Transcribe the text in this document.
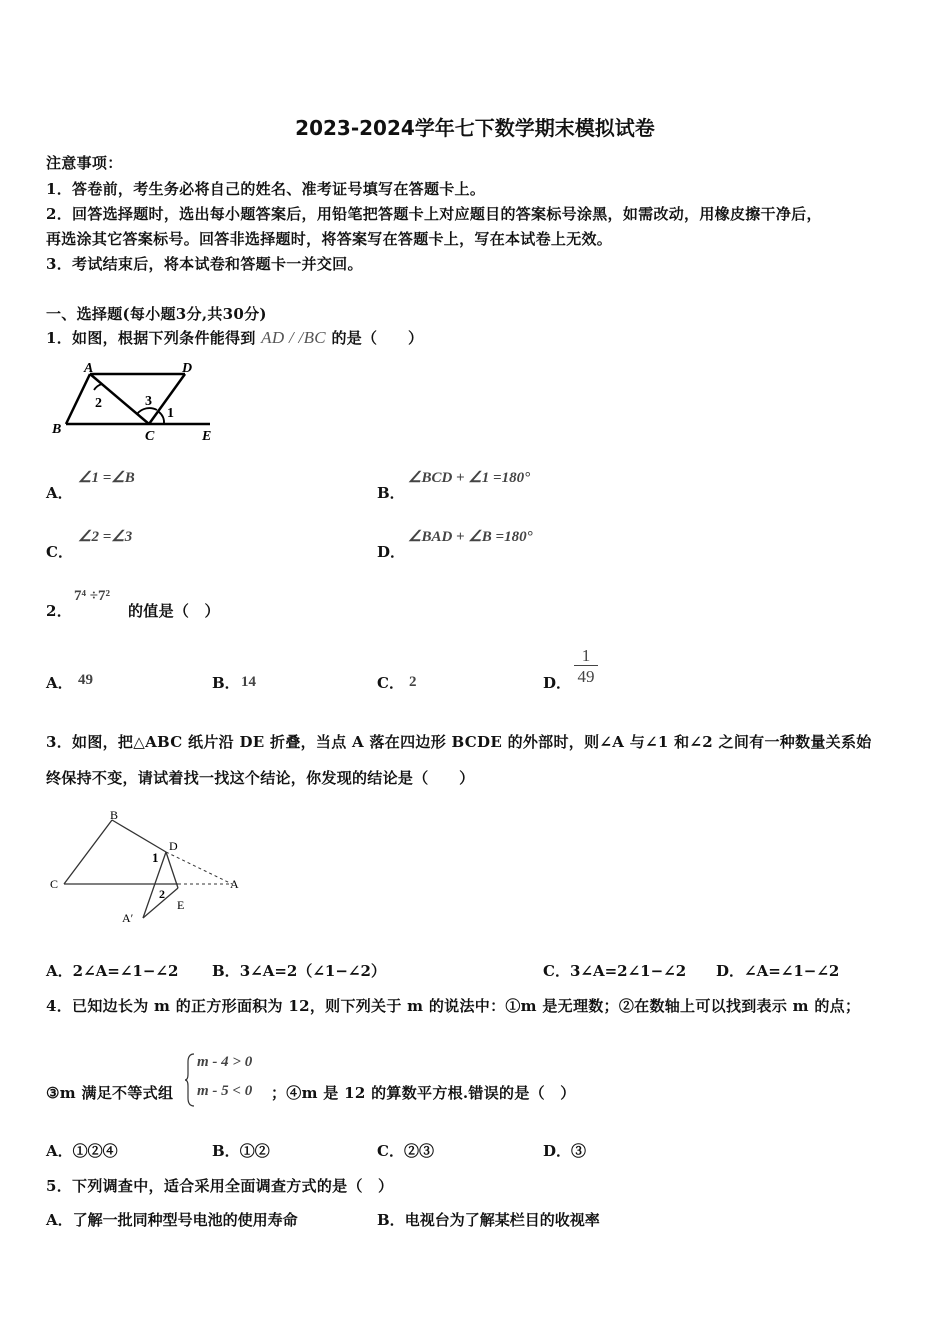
2023-2024学年七下数学期末模拟试卷
注意事项：
1．答卷前，考生务必将自己的姓名、准考证号填写在答题卡上。
2．回答选择题时，选出每小题答案后，用铅笔把答题卡上对应题目的答案标号涂黑，如需改动，用橡皮擦干净后，
再选涂其它答案标号。回答非选择题时，将答案写在答题卡上，写在本试卷上无效。
3．考试结束后，将本试卷和答题卡一并交回。
一、选择题(每小题3分,共30分)
1．如图，根据下列条件能得到 AD / /BC 的是（　　）
A	D
B	C	E
2	3
1
A．
∠1 =∠B
B．
∠BCD + ∠1 =180°
C．
∠2 =∠3
D．
∠BAD + ∠B =180°
2．
7⁴ ÷7²
的值是（　）
A． 49	B． 14	C． 2	D．
1
49
3．如图，把△ABC 纸片沿 DE 折叠，当点 A 落在四边形 BCDE 的外部时，则∠A 与∠1 和∠2 之间有一种数量关系始
终保持不变，请试着找一找这个结论，你发现的结论是（　　）
B
C
D
A
E
A′
1
2
A．2∠A=∠1−∠2 B．3∠A=2（∠1−∠2）	C．3∠A=2∠1−∠2 D．∠A=∠1−∠2
4．已知边长为 m 的正方形面积为 12，则下列关于 m 的说法中：①m 是无理数；②在数轴上可以找到表示 m 的点；
③m 满足不等式组
m - 4 > 0
m - 5 < 0 ；④m 是 12 的算数平方根.错误的是（　）
A．①②④	B．①②	C．②③	D．③
5．下列调查中，适合采用全面调查方式的是（　）
A．了解一批同种型号电池的使用寿命	B．电视台为了解某栏目的收视率
